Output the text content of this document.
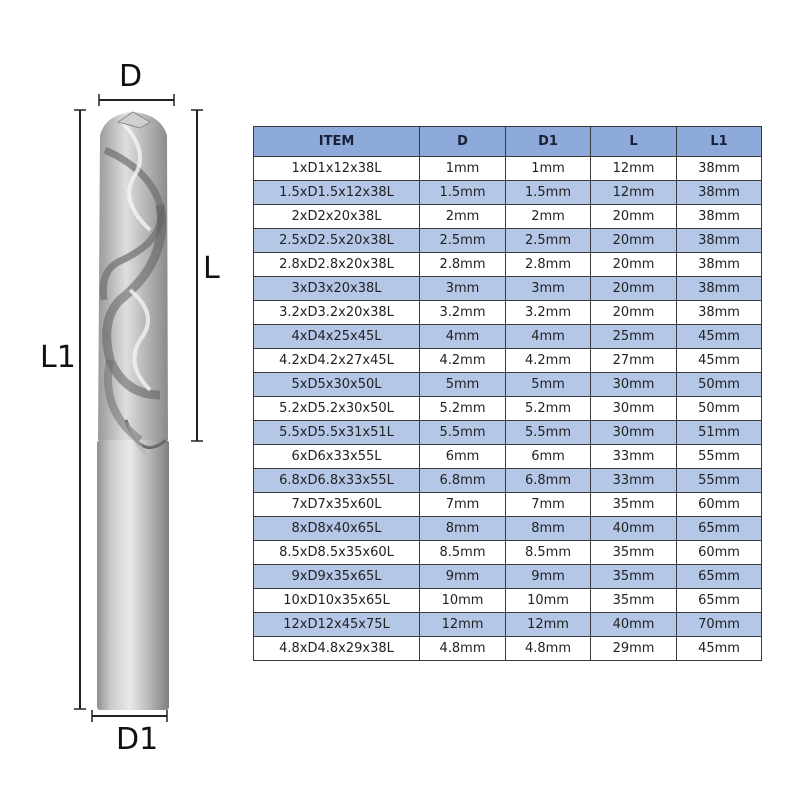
D
L
L1
D1
ITEM	D	D1	L	L1
1xD1x12x38L	1mm	1mm	12mm	38mm
1.5xD1.5x12x38L	1.5mm	1.5mm	12mm	38mm
2xD2x20x38L	2mm	2mm	20mm	38mm
2.5xD2.5x20x38L	2.5mm	2.5mm	20mm	38mm
2.8xD2.8x20x38L	2.8mm	2.8mm	20mm	38mm
3xD3x20x38L	3mm	3mm	20mm	38mm
3.2xD3.2x20x38L	3.2mm	3.2mm	20mm	38mm
4xD4x25x45L	4mm	4mm	25mm	45mm
4.2xD4.2x27x45L	4.2mm	4.2mm	27mm	45mm
5xD5x30x50L	5mm	5mm	30mm	50mm
5.2xD5.2x30x50L	5.2mm	5.2mm	30mm	50mm
5.5xD5.5x31x51L	5.5mm	5.5mm	30mm	51mm
6xD6x33x55L	6mm	6mm	33mm	55mm
6.8xD6.8x33x55L	6.8mm	6.8mm	33mm	55mm
7xD7x35x60L	7mm	7mm	35mm	60mm
8xD8x40x65L	8mm	8mm	40mm	65mm
8.5xD8.5x35x60L	8.5mm	8.5mm	35mm	60mm
9xD9x35x65L	9mm	9mm	35mm	65mm
10xD10x35x65L	10mm	10mm	35mm	65mm
12xD12x45x75L	12mm	12mm	40mm	70mm
4.8xD4.8x29x38L	4.8mm	4.8mm	29mm	45mm
